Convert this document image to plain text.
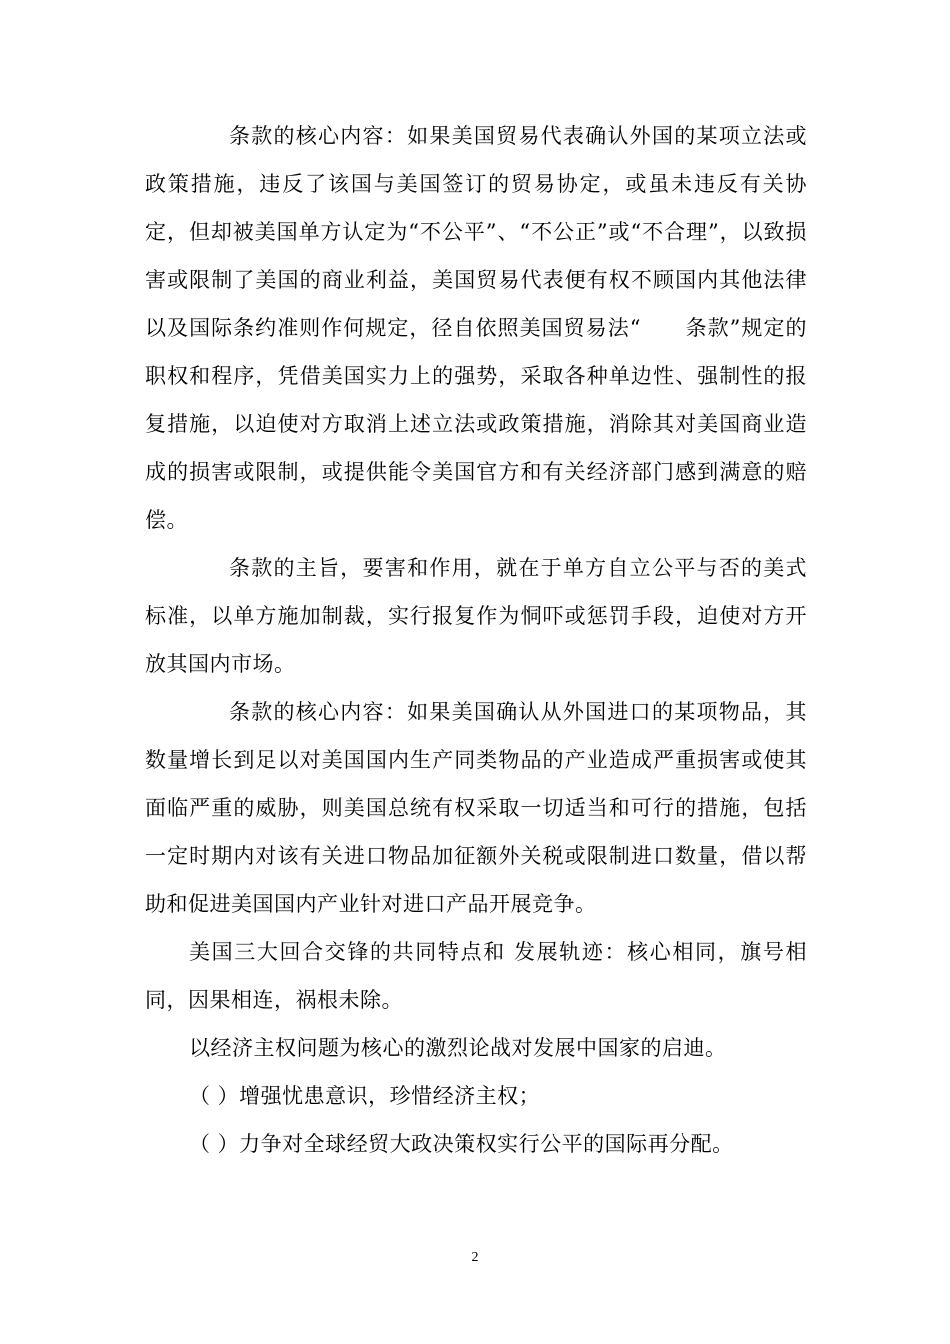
条款的核心内容：如果美国贸易代表确认外国的某项立法或政策措施，违反了该国与美国签订的贸易协定，或虽未违反有关协定，但却被美国单方认定为“不公平”、“不公正”或“不合理”，以致损害或限制了美国的商业利益，美国贸易代表便有权不顾国内其他法律以及国际条约准则作何规定，径自依照美国贸易法“　　条款”规定的职权和程序，凭借美国实力上的强势，采取各种单边性、强制性的报复措施，以迫使对方取消上述立法或政策措施，消除其对美国商业造成的损害或限制，或提供能令美国官方和有关经济部门感到满意的赔偿。

条款的主旨，要害和作用，就在于单方自立公平与否的美式标准，以单方施加制裁，实行报复作为恫吓或惩罚手段，迫使对方开放其国内市场。

条款的核心内容：如果美国确认从外国进口的某项物品，其数量增长到足以对美国国内生产同类物品的产业造成严重损害或使其面临严重的威胁，则美国总统有权采取一切适当和可行的措施，包括一定时期内对该有关进口物品加征额外关税或限制进口数量，借以帮助和促进美国国内产业针对进口产品开展竞争。

美国三大回合交锋的共同特点和 发展轨迹：核心相同，旗号相同，因果相连，祸根未除。

以经济主权问题为核心的激烈论战对发展中国家的启迪。

（ ）增强忧患意识，珍惜经济主权；

（ ）力争对全球经贸大政决策权实行公平的国际再分配。

2
